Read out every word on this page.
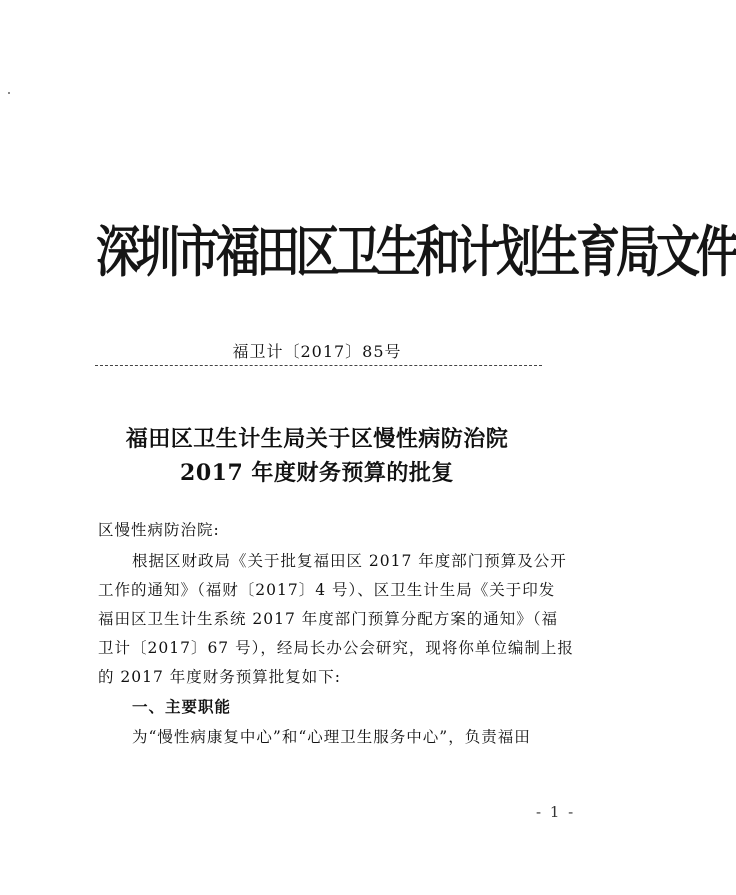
深圳市福田区卫生和计划生育局文件
福卫计〔2017〕85号
福田区卫生计生局关于区慢性病防治院
2017 年度财务预算的批复
区慢性病防治院:
根据区财政局《关于批复福田区 2017 年度部门预算及公开
工作的通知》（福财〔2017〕4 号）、区卫生计生局《关于印发
福田区卫生计生系统 2017 年度部门预算分配方案的通知》（福
卫计〔2017〕67 号），经局长办公会研究，现将你单位编制上报
的 2017 年度财务预算批复如下:
一、主要职能
为“慢性病康复中心”和“心理卫生服务中心”，负责福田
- 1 -
